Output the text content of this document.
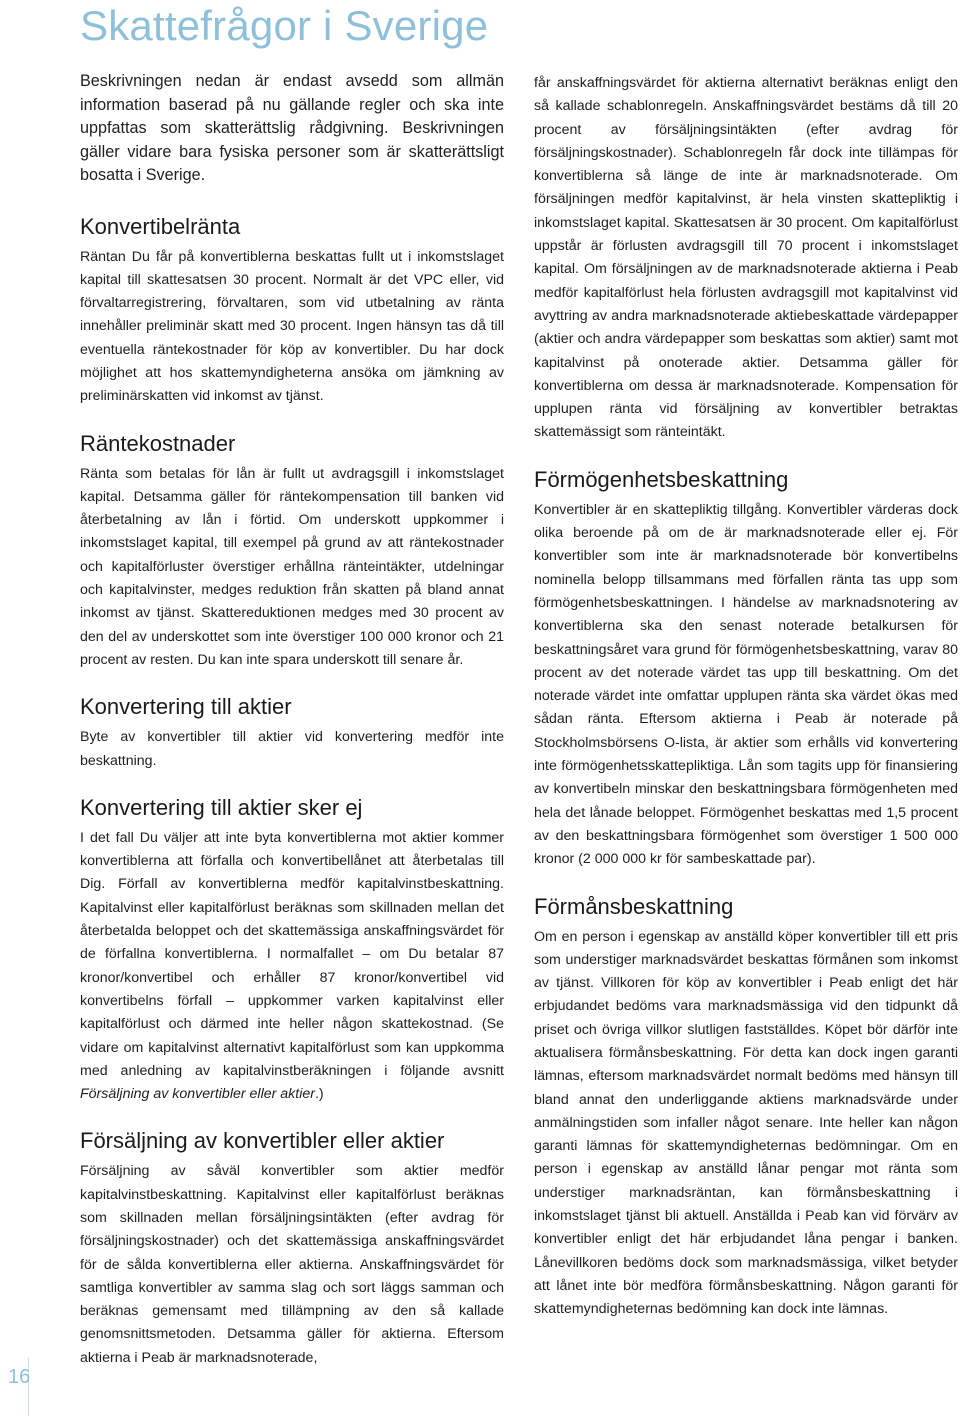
Skattefrågor i Sverige

Beskrivningen nedan är endast avsedd som allmän information baserad på nu gällande regler och ska inte uppfattas som skatterättslig rådgivning. Beskrivningen gäller vidare bara fysiska personer som är skatterättsligt bosatta i Sverige.

Konvertibelränta

Räntan Du får på konvertiblerna beskattas fullt ut i inkomstslaget kapital till skattesatsen 30 procent. Normalt är det VPC eller, vid förvaltarregistrering, förvaltaren, som vid utbetalning av ränta innehåller preliminär skatt med 30 procent. Ingen hänsyn tas då till eventuella räntekostnader för köp av konvertibler. Du har dock möjlighet att hos skattemyndigheterna ansöka om jämkning av preliminärskatten vid inkomst av tjänst.

Räntekostnader

Ränta som betalas för lån är fullt ut avdragsgill i inkomstslaget kapital. Detsamma gäller för räntekompensation till banken vid återbetalning av lån i förtid. Om underskott uppkommer i inkomstslaget kapital, till exempel på grund av att räntekostnader och kapitalförluster överstiger erhållna ränteintäkter, utdelningar och kapitalvinster, medges reduktion från skatten på bland annat inkomst av tjänst. Skattereduktionen medges med 30 procent av den del av underskottet som inte överstiger 100 000 kronor och 21 procent av resten. Du kan inte spara underskott till senare år.

Konvertering till aktier

Byte av konvertibler till aktier vid konvertering medför inte beskattning.

Konvertering till aktier sker ej

I det fall Du väljer att inte byta konvertiblerna mot aktier kommer konvertiblerna att förfalla och konvertibellånet att återbetalas till Dig. Förfall av konvertiblerna medför kapitalvinstbeskattning. Kapitalvinst eller kapitalförlust beräknas som skillnaden mellan det återbetalda beloppet och det skattemässiga anskaffningsvärdet för de förfallna konvertiblerna. I normalfallet – om Du betalar 87 kronor/konvertibel och erhåller 87 kronor/konvertibel vid konvertibelns förfall – uppkommer varken kapitalvinst eller kapitalförlust och därmed inte heller någon skattekostnad. (Se vidare om kapitalvinst alternativt kapitalförlust som kan uppkomma med anledning av kapitalvinstberäkningen i följande avsnitt Försäljning av konvertibler eller aktier.)

Försäljning av konvertibler eller aktier

Försäljning av såväl konvertibler som aktier medför kapitalvinstbeskattning. Kapitalvinst eller kapitalförlust beräknas som skillnaden mellan försäljningsintäkten (efter avdrag för försäljningskostnader) och det skattemässiga anskaffningsvärdet för de sålda konvertiblerna eller aktierna. Anskaffningsvärdet för samtliga konvertibler av samma slag och sort läggs samman och beräknas gemensamt med tillämpning av den så kallade genomsnittsmetoden. Detsamma gäller för aktierna. Eftersom aktierna i Peab är marknadsnoterade,

får anskaffningsvärdet för aktierna alternativt beräknas enligt den så kallade schablonregeln. Anskaffningsvärdet bestäms då till 20 procent av försäljningsintäkten (efter avdrag för försäljningskostnader). Schablonregeln får dock inte tillämpas för konvertiblerna så länge de inte är marknadsnoterade. Om försäljningen medför kapitalvinst, är hela vinsten skattepliktig i inkomstslaget kapital. Skattesatsen är 30 procent. Om kapitalförlust uppstår är förlusten avdragsgill till 70 procent i inkomstslaget kapital. Om försäljningen av de marknadsnoterade aktierna i Peab medför kapitalförlust hela förlusten avdragsgill mot kapitalvinst vid avyttring av andra marknadsnoterade aktiebeskattade värdepapper (aktier och andra värdepapper som beskattas som aktier) samt mot kapitalvinst på onoterade aktier. Detsamma gäller för konvertiblerna om dessa är marknadsnoterade. Kompensation för upplupen ränta vid försäljning av konvertibler betraktas skattemässigt som ränteintäkt.

Förmögenhetsbeskattning

Konvertibler är en skattepliktig tillgång. Konvertibler värderas dock olika beroende på om de är marknadsnoterade eller ej. För konvertibler som inte är marknadsnoterade bör konvertibelns nominella belopp tillsammans med förfallen ränta tas upp som förmögenhetsbeskattningen. I händelse av marknadsnotering av konvertiblerna ska den senast noterade betalkursen för beskattningsåret vara grund för förmögenhetsbeskattning, varav 80 procent av det noterade värdet tas upp till beskattning. Om det noterade värdet inte omfattar upplupen ränta ska värdet ökas med sådan ränta. Eftersom aktierna i Peab är noterade på Stockholmsbörsens O-lista, är aktier som erhålls vid konvertering inte förmögenhetsskattepliktiga. Lån som tagits upp för finansiering av konvertibeln minskar den beskattningsbara förmögenheten med hela det lånade beloppet. Förmögenhet beskattas med 1,5 procent av den beskattningsbara förmögenhet som överstiger 1 500 000 kronor (2 000 000 kr för sambeskattade par).

Förmånsbeskattning

Om en person i egenskap av anställd köper konvertibler till ett pris som understiger marknadsvärdet beskattas förmånen som inkomst av tjänst. Villkoren för köp av konvertibler i Peab enligt det här erbjudandet bedöms vara marknadsmässiga vid den tidpunkt då priset och övriga villkor slutligen fastställdes. Köpet bör därför inte aktualisera förmånsbeskattning. För detta kan dock ingen garanti lämnas, eftersom marknadsvärdet normalt bedöms med hänsyn till bland annat den underliggande aktiens marknadsvärde under anmälningstiden som infaller något senare. Inte heller kan någon garanti lämnas för skattemyndigheternas bedömningar. Om en person i egenskap av anställd lånar pengar mot ränta som understiger marknadsräntan, kan förmånsbeskattning i inkomstslaget tjänst bli aktuell. Anställda i Peab kan vid förvärv av konvertibler enligt det här erbjudandet låna pengar i banken. Lånevillkoren bedöms dock som marknadsmässiga, vilket betyder att lånet inte bör medföra förmånsbeskattning. Någon garanti för skattemyndigheternas bedömning kan dock inte lämnas.

16
